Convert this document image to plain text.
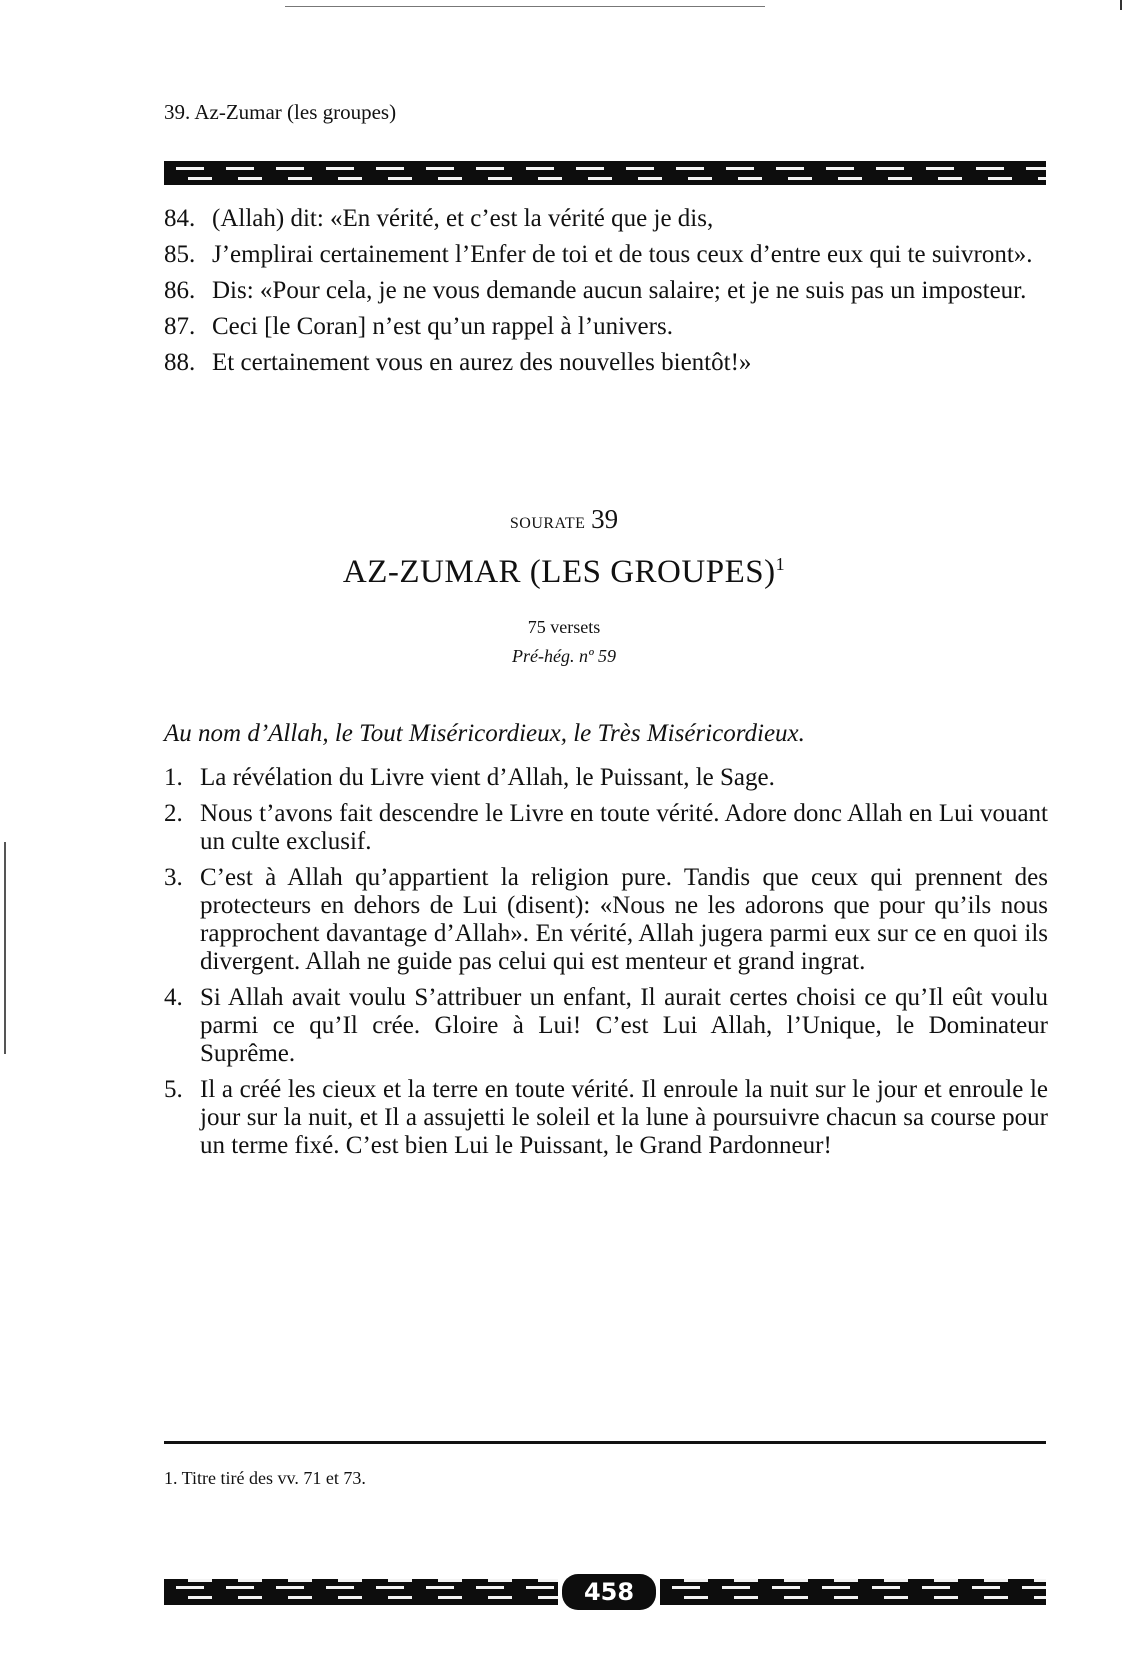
39. Az-Zumar (les groupes)
84. (Allah) dit: «En vérité, et c’est la vérité que je dis,
85. J’emplirai certainement l’Enfer de toi et de tous ceux d’entre eux qui te suivront».
86. Dis: «Pour cela, je ne vous demande aucun salaire; et je ne suis pas un imposteur.
87. Ceci [le Coran] n’est qu’un rappel à l’univers.
88. Et certainement vous en aurez des nouvelles bientôt!»
sourate 39
AZ-ZUMAR (LES GROUPES)$^1$
75 versets
Pré-hég. nº 59
Au nom d’Allah, le Tout Miséricordieux, le Très Miséricordieux.
1. La révélation du Livre vient d’Allah, le Puissant, le Sage.
2. Nous t’avons fait descendre le Livre en toute vérité. Adore donc Allah en Lui vouant un culte exclusif.
3. C’est à Allah qu’appartient la religion pure. Tandis que ceux qui prennent des protecteurs en dehors de Lui (disent): «Nous ne les adorons que pour qu’ils nous rapprochent davantage d’Allah». En vérité, Allah jugera parmi eux sur ce en quoi ils divergent. Allah ne guide pas celui qui est menteur et grand ingrat.
4. Si Allah avait voulu S’attribuer un enfant, Il aurait certes choisi ce qu’Il eût voulu parmi ce qu’Il crée. Gloire à Lui! C’est Lui Allah, l’Unique, le Dominateur Suprême.
5. Il a créé les cieux et la terre en toute vérité. Il enroule la nuit sur le jour et enroule le jour sur la nuit, et Il a assujetti le soleil et la lune à poursuivre chacun sa course pour un terme fixé. C’est bien Lui le Puissant, le Grand Pardonneur!
1. Titre tiré des vv. 71 et 73.
458
